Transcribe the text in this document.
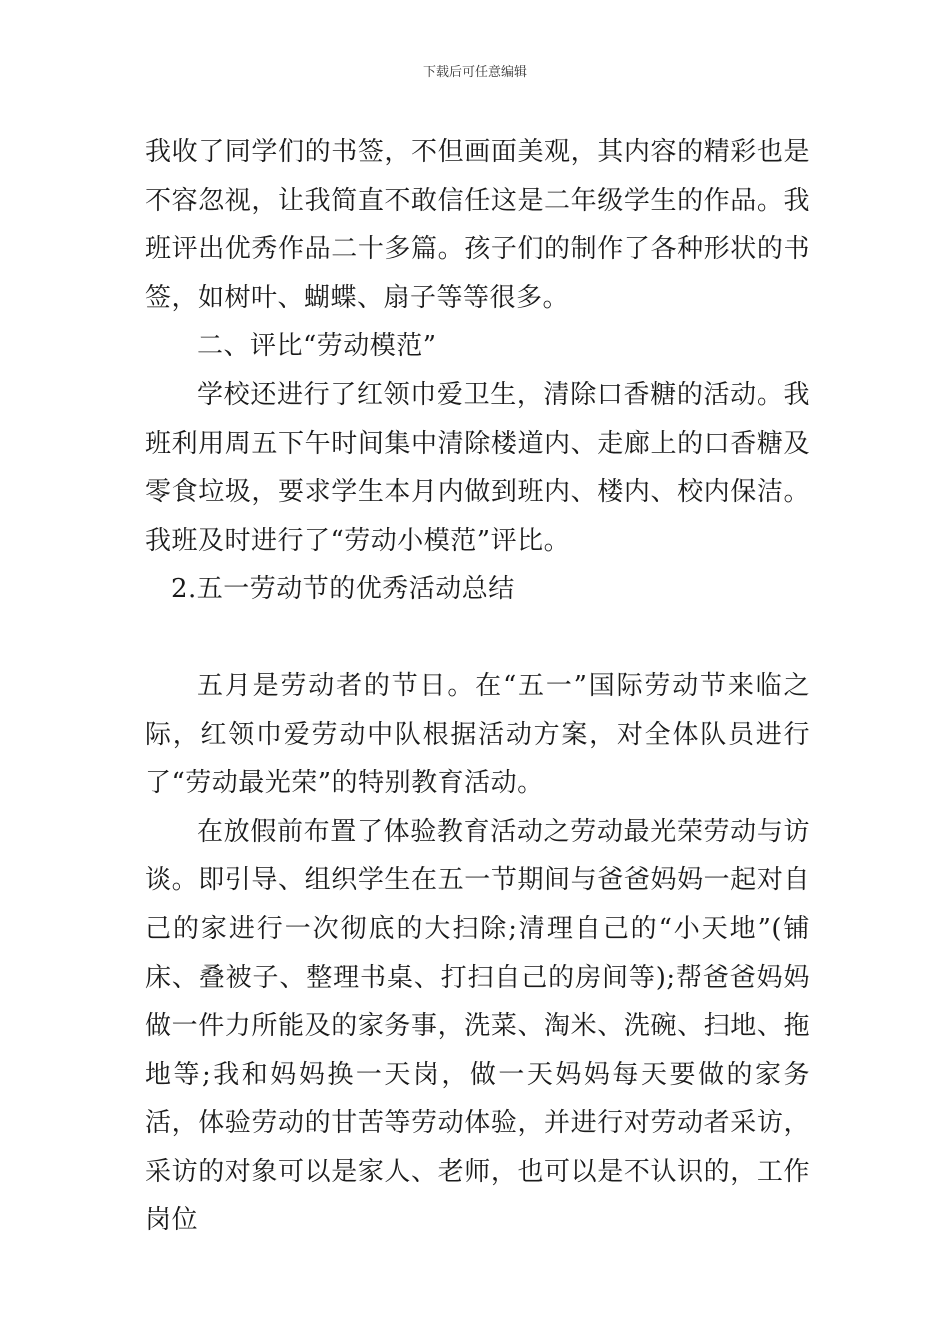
下载后可任意编辑

我收了同学们的书签，不但画面美观，其内容的精彩也是不容忽视，让我简直不敢信任这是二年级学生的作品。我班评出优秀作品二十多篇。孩子们的制作了各种形状的书签，如树叶、蝴蝶、扇子等等很多。

二、评比“劳动模范”

学校还进行了红领巾爱卫生，清除口香糖的活动。我班利用周五下午时间集中清除楼道内、走廊上的口香糖及零食垃圾，要求学生本月内做到班内、楼内、校内保洁。我班及时进行了“劳动小模范”评比。

2.五一劳动节的优秀活动总结

五月是劳动者的节日。在“五一”国际劳动节来临之际，红领巾爱劳动中队根据活动方案，对全体队员进行了“劳动最光荣”的特别教育活动。

在放假前布置了体验教育活动之劳动最光荣劳动与访谈。即引导、组织学生在五一节期间与爸爸妈妈一起对自己的家进行一次彻底的大扫除;清理自己的“小天地”(铺床、叠被子、整理书桌、打扫自己的房间等);帮爸爸妈妈做一件力所能及的家务事，洗菜、淘米、洗碗、扫地、拖地等;我和妈妈换一天岗，做一天妈妈每天要做的家务活，体验劳动的甘苦等劳动体验，并进行对劳动者采访，采访的对象可以是家人、老师，也可以是不认识的，工作岗位
